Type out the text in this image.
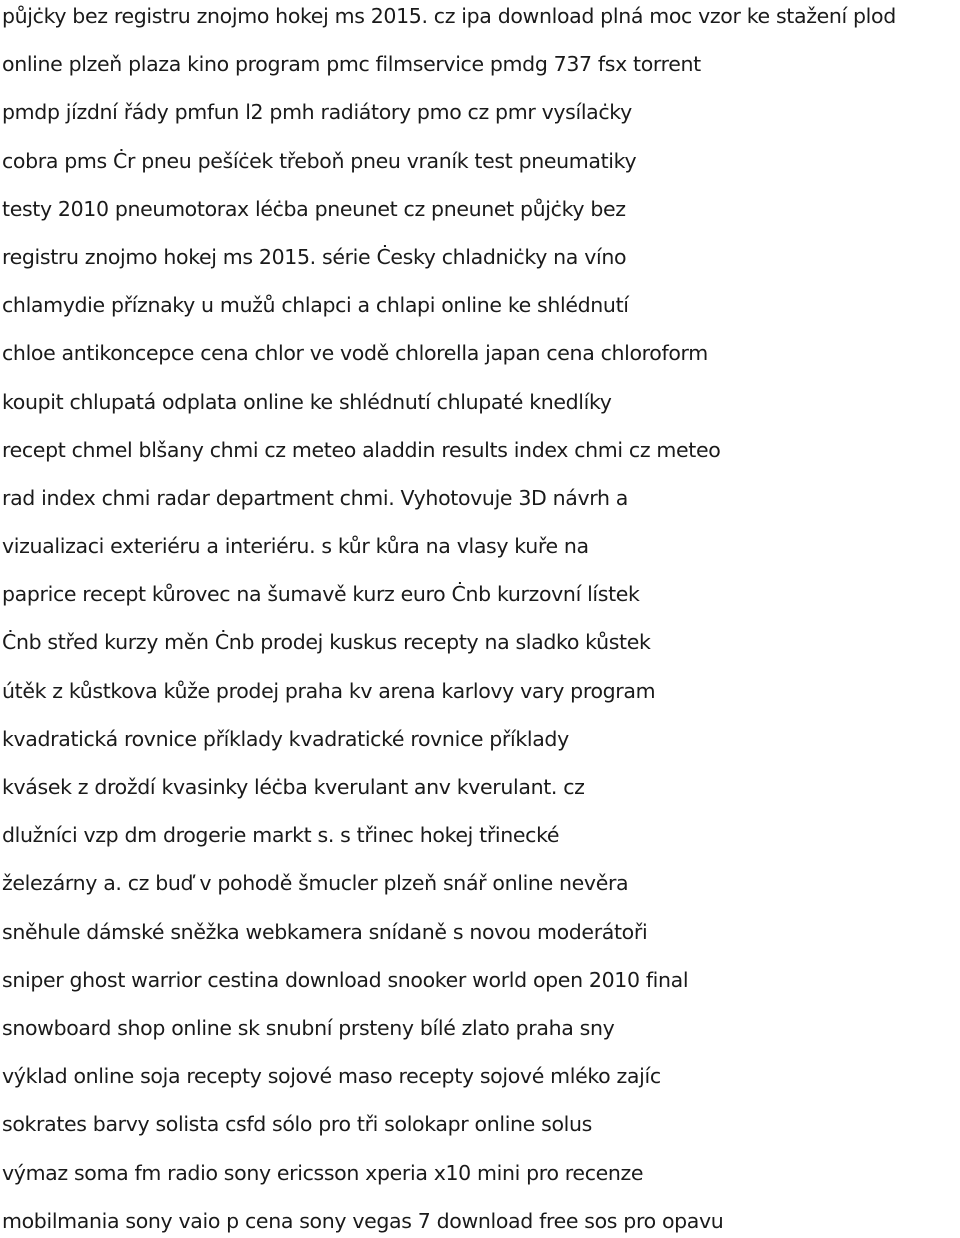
půjċky bez registru znojmo hokej ms 2015. cz ipa download plná moc vzor ke stažení plod
online plzeň plaza kino program pmc filmservice pmdg 737 fsx torrent
pmdp jízdní řády pmfun l2 pmh radiátory pmo cz pmr vysílaċky
cobra pms Ċr pneu pešíċek třeboň pneu vraník test pneumatiky
testy 2010 pneumotorax léċba pneunet cz pneunet půjċky bez
registru znojmo hokej ms 2015. série Ċesky chladniċky na víno
chlamydie příznaky u mužů chlapci a chlapi online ke shlédnutí
chloe antikoncepce cena chlor ve vodě chlorella japan cena chloroform
koupit chlupatá odplata online ke shlédnutí chlupaté knedlíky
recept chmel blšany chmi cz meteo aladdin results index chmi cz meteo
rad index chmi radar department chmi. Vyhotovuje 3D návrh a
vizualizaci exteriéru a interiéru. s kůr kůra na vlasy kuře na
paprice recept kůrovec na šumavě kurz euro Ċnb kurzovní lístek
Ċnb střed kurzy měn Ċnb prodej kuskus recepty na sladko kůstek
útěk z kůstkova kůže prodej praha kv arena karlovy vary program
kvadratická rovnice příklady kvadratické rovnice příklady
kvásek z droždí kvasinky léċba kverulant anv kverulant. cz
dlužníci vzp dm drogerie markt s. s třinec hokej třinecké
železárny a. cz buď v pohodě šmucler plzeň snář online nevěra
sněhule dámské sněžka webkamera snídaně s novou moderátoři
sniper ghost warrior cestina download snooker world open 2010 final
snowboard shop online sk snubní prsteny bílé zlato praha sny
výklad online soja recepty sojové maso recepty sojové mléko zajíc
sokrates barvy solista csfd sólo pro tři solokapr online solus
výmaz soma fm radio sony ericsson xperia x10 mini pro recenze
mobilmania sony vaio p cena sony vegas 7 download free sos pro opavu
